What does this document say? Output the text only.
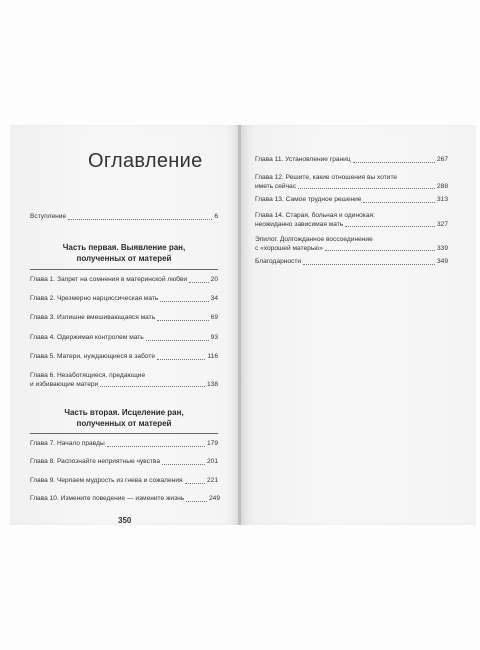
Оглавление
Вступление	6
Часть первая. Выявление ран,
полученных от матерей
Глава 1. Запрет на сомнения в материнской любви	20
Глава 2. Чрезмерно нарциссическая мать	34
Глава 3. Излишне вмешивающаяся мать	69
Глава 4. Одержимая контролем мать	93
Глава 5. Матери, нуждающиеся в заботе	116
Глава 6. Незаботящиеся, предающие
и избивающие матери	138
Часть вторая. Исцеление ран,
полученных от матерей
Глава 7. Начало правды	179
Глава 8. Распознайте неприятные чувства	201
Глава 9. Черпаем мудрость из гнева и сожаления	221
Глава 10. Измените поведение — измените жизнь	249
350
Глава 11. Установление границ	267
Глава 12. Решите, какие отношения вы хотите
иметь сейчас	288
Глава 13. Самое трудное решение	313
Глава 14. Старая, больная и одинокая:
неожиданно зависимая мать	327
Эпилог. Долгожданное воссоединение
с «хорошей матерью»	339
Благодарности	349
